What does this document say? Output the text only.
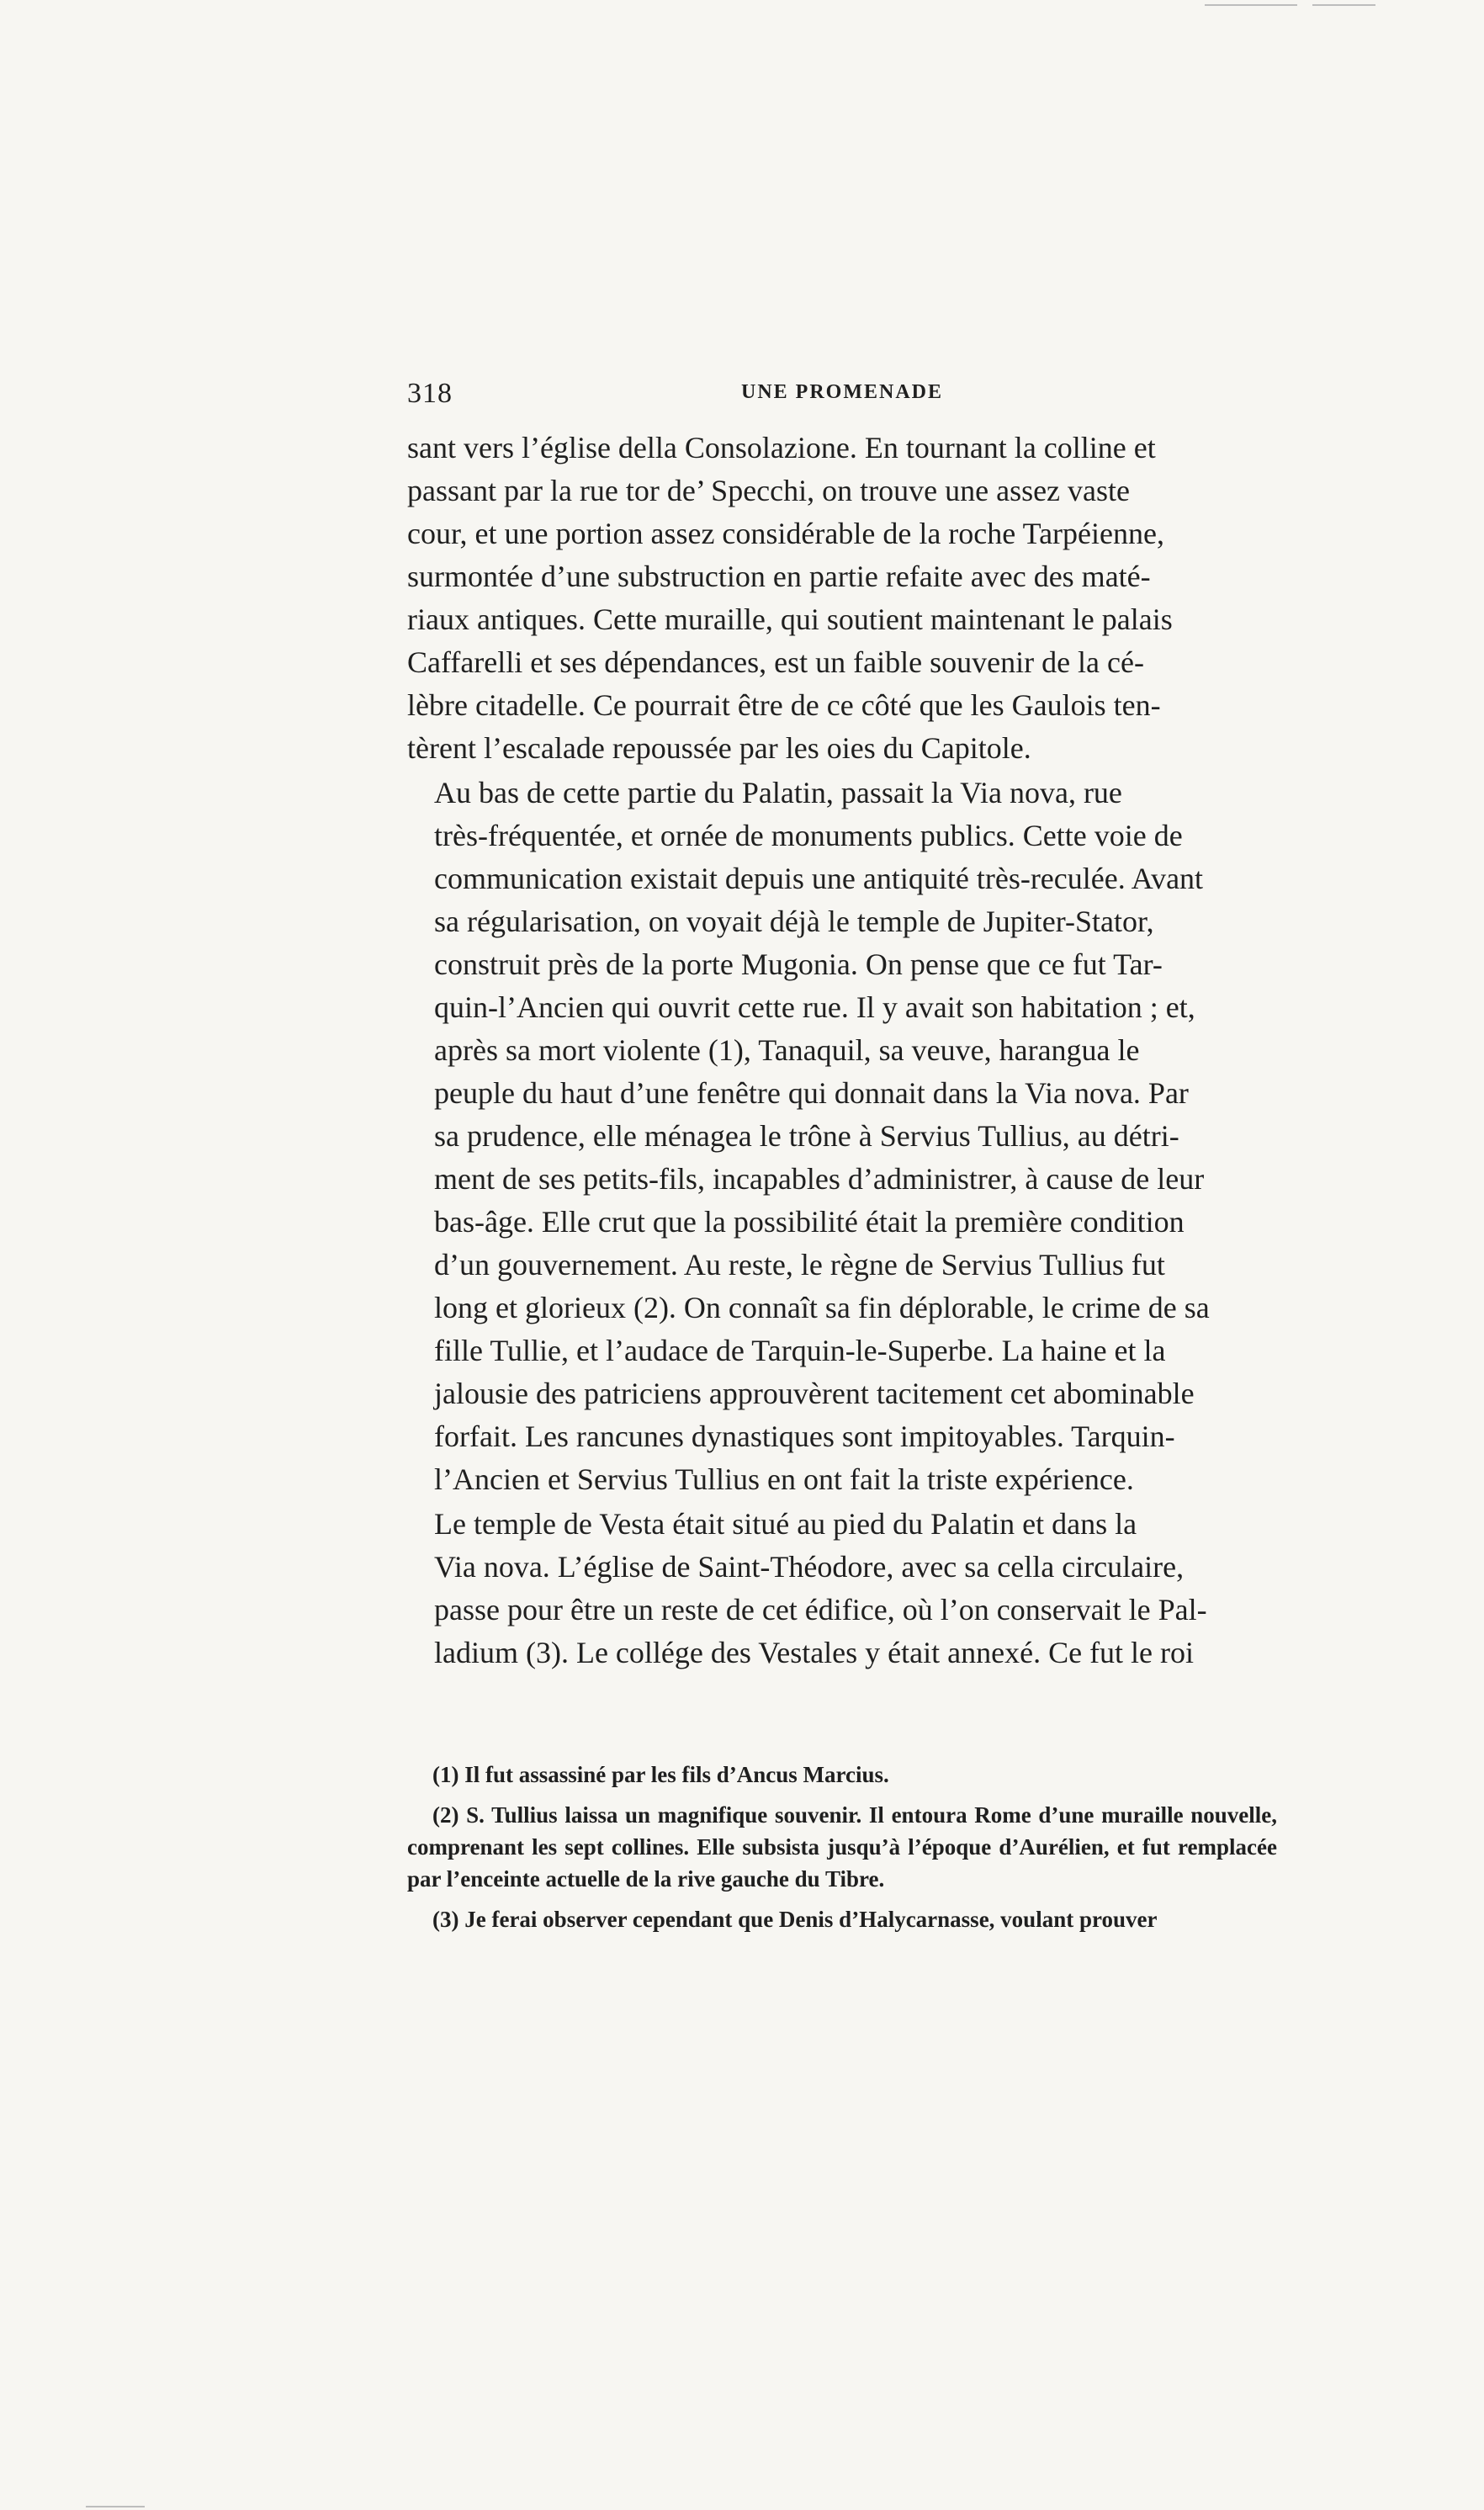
318	UNE PROMENADE

sant vers l’église della Consolazione. En tournant la colline et
passant par la rue tor de’ Specchi, on trouve une assez vaste
cour, et une portion assez considérable de la roche Tarpéienne,
surmontée d’une substruction en partie refaite avec des maté-
riaux antiques. Cette muraille, qui soutient maintenant le palais
Caffarelli et ses dépendances, est un faible souvenir de la cé-
lèbre citadelle. Ce pourrait être de ce côté que les Gaulois ten-
tèrent l’escalade repoussée par les oies du Capitole.

Au bas de cette partie du Palatin, passait la Via nova, rue
très-fréquentée, et ornée de monuments publics. Cette voie de
communication existait depuis une antiquité très-reculée. Avant
sa régularisation, on voyait déjà le temple de Jupiter-Stator,
construit près de la porte Mugonia. On pense que ce fut Tar-
quin-l’Ancien qui ouvrit cette rue. Il y avait son habitation ; et,
après sa mort violente (1), Tanaquil, sa veuve, harangua le
peuple du haut d’une fenêtre qui donnait dans la Via nova. Par
sa prudence, elle ménagea le trône à Servius Tullius, au détri-
ment de ses petits-fils, incapables d’administrer, à cause de leur
bas-âge. Elle crut que la possibilité était la première condition
d’un gouvernement. Au reste, le règne de Servius Tullius fut
long et glorieux (2). On connaît sa fin déplorable, le crime de sa
fille Tullie, et l’audace de Tarquin-le-Superbe. La haine et la
jalousie des patriciens approuvèrent tacitement cet abominable
forfait. Les rancunes dynastiques sont impitoyables. Tarquin-
l’Ancien et Servius Tullius en ont fait la triste expérience.

Le temple de Vesta était situé au pied du Palatin et dans la
Via nova. L’église de Saint-Théodore, avec sa cella circulaire,
passe pour être un reste de cet édifice, où l’on conservait le Pal-
ladium (3). Le collége des Vestales y était annexé. Ce fut le roi

(1) Il fut assassiné par les fils d’Ancus Marcius.

(2) S. Tullius laissa un magnifique souvenir. Il entoura Rome d’une muraille nouvelle, comprenant les sept collines. Elle subsista jusqu’à l’époque d’Aurélien, et fut remplacée par l’enceinte actuelle de la rive gauche du Tibre.

(3) Je ferai observer cependant que Denis d’Halycarnasse, voulant prouver
